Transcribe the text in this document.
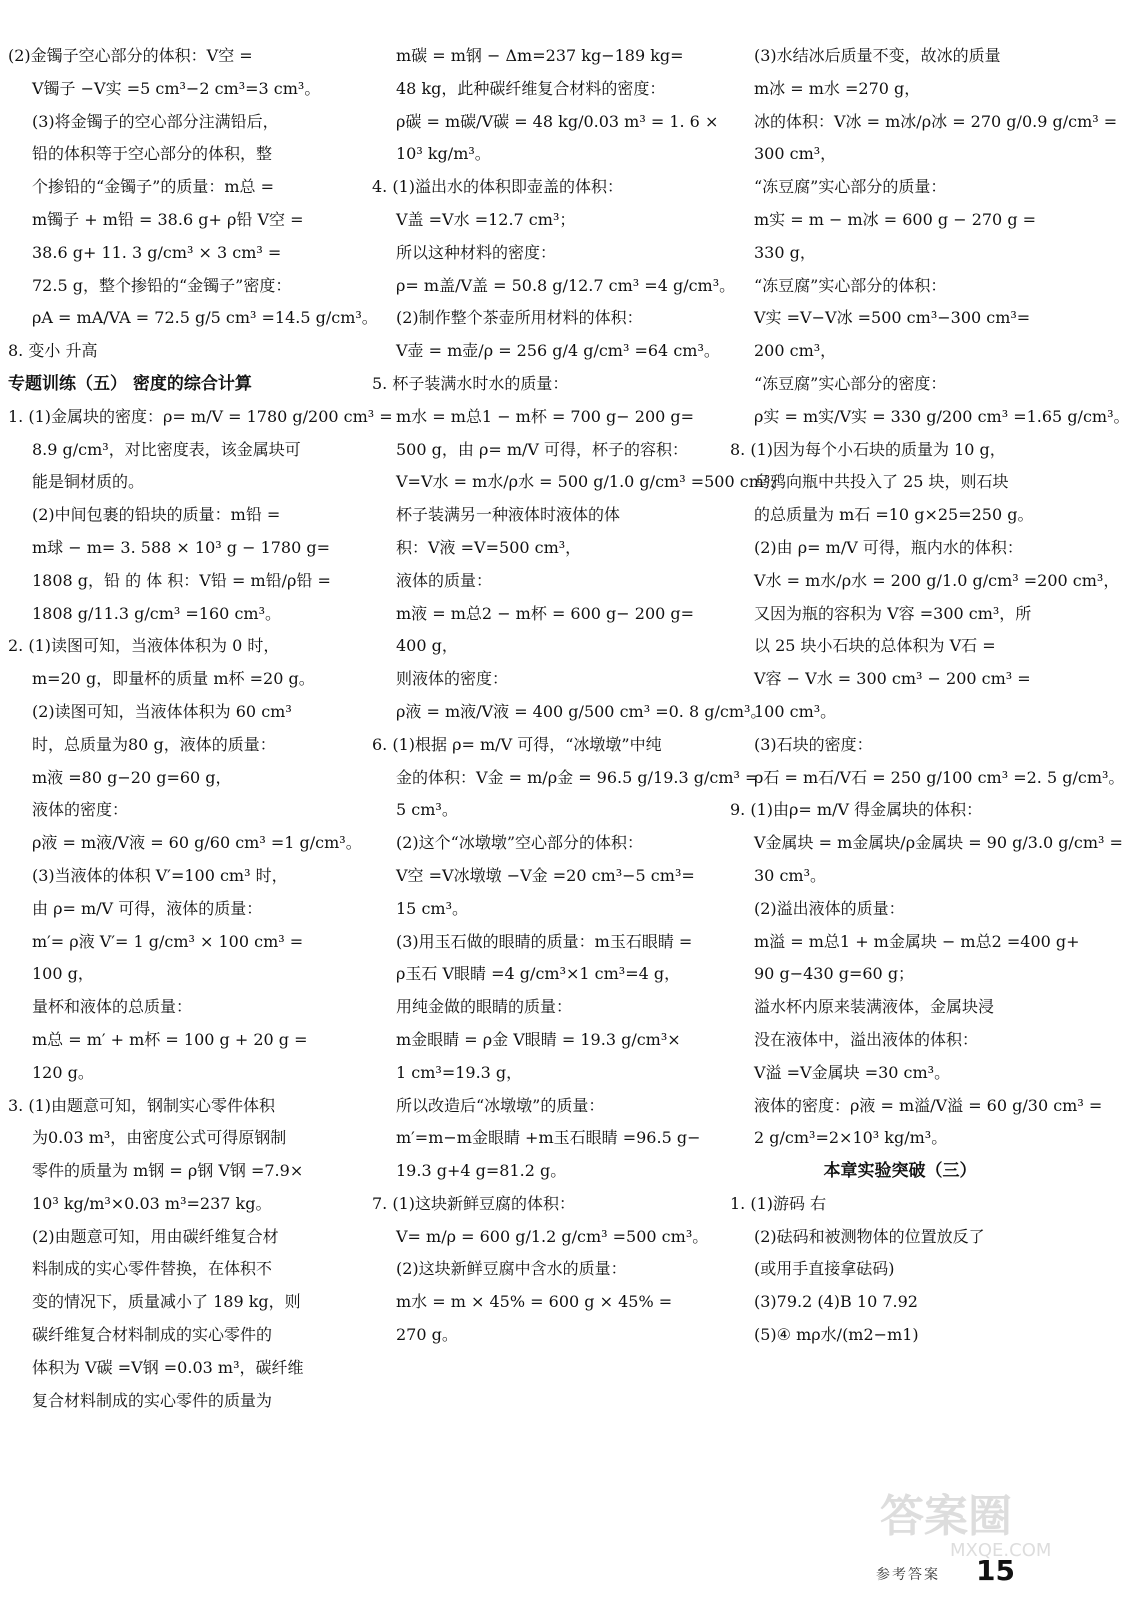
(2)金镯子空心部分的体积：V空 =
V镯子 −V实 =5 cm³−2 cm³=3 cm³。
(3)将金镯子的空心部分注满铅后，
铅的体积等于空心部分的体积，整
个掺铅的“金镯子”的质量：m总 =
m镯子 + m铅 = 38.6 g+ ρ铅 V空 =
38.6 g+ 11. 3 g/cm³ × 3 cm³ =
72.5 g，整个掺铅的“金镯子”密度：
ρA = mA/VA = 72.5 g/5 cm³ =14.5 g/cm³。
8. 变小 升高
专题训练（五） 密度的综合计算
1. (1)金属块的密度：ρ= m/V = 1780 g/200 cm³ =
8.9 g/cm³，对比密度表，该金属块可
能是铜材质的。
(2)中间包裹的铅块的质量：m铅 =
m球 − m= 3. 588 × 10³ g − 1780 g=
1808 g，铅 的 体 积：V铅 = m铅/ρ铅 =
1808 g/11.3 g/cm³ =160 cm³。
2. (1)读图可知，当液体体积为 0 时，
m=20 g，即量杯的质量 m杯 =20 g。
(2)读图可知，当液体体积为 60 cm³
时，总质量为80 g，液体的质量：
m液 =80 g−20 g=60 g，
液体的密度：
ρ液 = m液/V液 = 60 g/60 cm³ =1 g/cm³。
(3)当液体的体积 V′=100 cm³ 时，
由 ρ= m/V 可得，液体的质量：
m′= ρ液 V′= 1 g/cm³ × 100 cm³ =
100 g，
量杯和液体的总质量：
m总 = m′ + m杯 = 100 g + 20 g =
120 g。
3. (1)由题意可知，钢制实心零件体积
为0.03 m³，由密度公式可得原钢制
零件的质量为 m钢 = ρ钢 V钢 =7.9×
10³ kg/m³×0.03 m³=237 kg。
(2)由题意可知，用由碳纤维复合材
料制成的实心零件替换，在体积不
变的情况下，质量减小了 189 kg，则
碳纤维复合材料制成的实心零件的
体积为 V碳 =V钢 =0.03 m³，碳纤维
复合材料制成的实心零件的质量为
m碳 = m钢 − Δm=237 kg−189 kg=
48 kg，此种碳纤维复合材料的密度：
ρ碳 = m碳/V碳 = 48 kg/0.03 m³ = 1. 6 ×
10³ kg/m³。
4. (1)溢出水的体积即壶盖的体积：
V盖 =V水 =12.7 cm³；
所以这种材料的密度：
ρ= m盖/V盖 = 50.8 g/12.7 cm³ =4 g/cm³。
(2)制作整个茶壶所用材料的体积：
V壶 = m壶/ρ = 256 g/4 g/cm³ =64 cm³。
5. 杯子装满水时水的质量：
m水 = m总1 − m杯 = 700 g− 200 g=
500 g，由 ρ= m/V 可得，杯子的容积：
V=V水 = m水/ρ水 = 500 g/1.0 g/cm³ =500 cm³，
杯子装满另一种液体时液体的体
积：V液 =V=500 cm³，
液体的质量：
m液 = m总2 − m杯 = 600 g− 200 g=
400 g，
则液体的密度：
ρ液 = m液/V液 = 400 g/500 cm³ =0. 8 g/cm³。
6. (1)根据 ρ= m/V 可得，“冰墩墩”中纯
金的体积：V金 = m/ρ金 = 96.5 g/19.3 g/cm³ =
5 cm³。
(2)这个“冰墩墩”空心部分的体积：
V空 =V冰墩墩 −V金 =20 cm³−5 cm³=
15 cm³。
(3)用玉石做的眼睛的质量：m玉石眼睛 =
ρ玉石 V眼睛 =4 g/cm³×1 cm³=4 g，
用纯金做的眼睛的质量：
m金眼睛 = ρ金 V眼睛 = 19.3 g/cm³×
1 cm³=19.3 g，
所以改造后“冰墩墩”的质量：
m′=m−m金眼睛 +m玉石眼睛 =96.5 g−
19.3 g+4 g=81.2 g。
7. (1)这块新鲜豆腐的体积：
V= m/ρ = 600 g/1.2 g/cm³ =500 cm³。
(2)这块新鲜豆腐中含水的质量：
m水 = m × 45% = 600 g × 45% =
270 g。
(3)水结冰后质量不变，故冰的质量
m冰 = m水 =270 g，
冰的体积：V冰 = m冰/ρ冰 = 270 g/0.9 g/cm³ =
300 cm³，
“冻豆腐”实心部分的质量：
m实 = m − m冰 = 600 g − 270 g =
330 g，
“冻豆腐”实心部分的体积：
V实 =V−V冰 =500 cm³−300 cm³=
200 cm³，
“冻豆腐”实心部分的密度：
ρ实 = m实/V实 = 330 g/200 cm³ =1.65 g/cm³。
8. (1)因为每个小石块的质量为 10 g，
乌鸦向瓶中共投入了 25 块，则石块
的总质量为 m石 =10 g×25=250 g。
(2)由 ρ= m/V 可得，瓶内水的体积：
V水 = m水/ρ水 = 200 g/1.0 g/cm³ =200 cm³，
又因为瓶的容积为 V容 =300 cm³，所
以 25 块小石块的总体积为 V石 =
V容 − V水 = 300 cm³ − 200 cm³ =
100 cm³。
(3)石块的密度：
ρ石 = m石/V石 = 250 g/100 cm³ =2. 5 g/cm³。
9. (1)由ρ= m/V 得金属块的体积：
V金属块 = m金属块/ρ金属块 = 90 g/3.0 g/cm³ =
30 cm³。
(2)溢出液体的质量：
m溢 = m总1 + m金属块 − m总2 =400 g+
90 g−430 g=60 g；
溢水杯内原来装满液体，金属块浸
没在液体中，溢出液体的体积：
V溢 =V金属块 =30 cm³。
液体的密度：ρ液 = m溢/V溢 = 60 g/30 cm³ =
2 g/cm³=2×10³ kg/m³。
本章实验突破（三）
1. (1)游码 右
(2)砝码和被测物体的位置放反了
(或用手直接拿砝码)
(3)79.2 (4)B 10 7.92
(5)④ mρ水/(m2−m1)
答案圈
MXQE.COM
参考答案 15
